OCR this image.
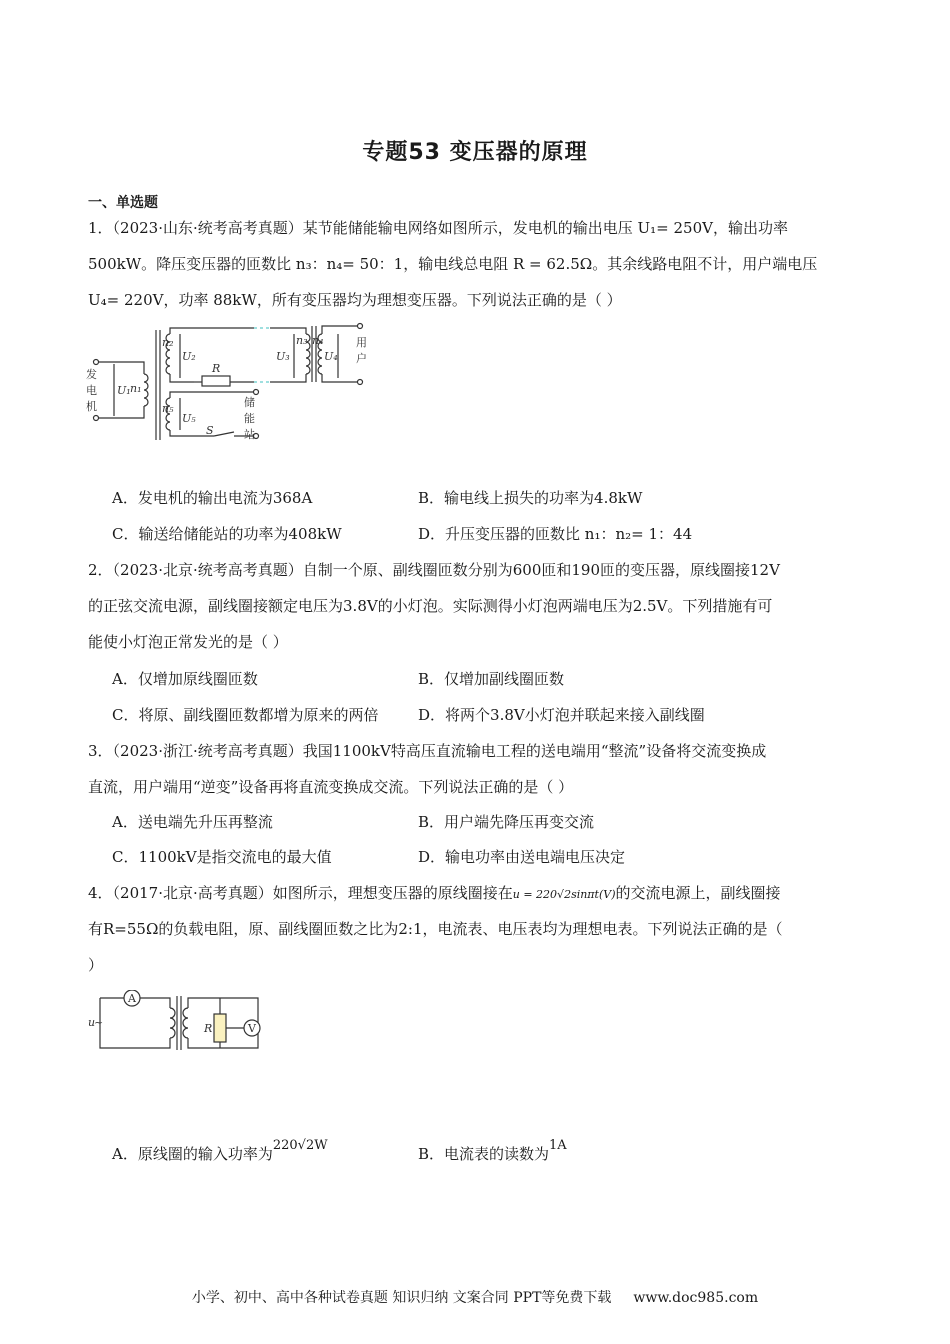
专题53 变压器的原理
一、单选题
1．（2023·山东·统考高考真题）某节能储能输电网络如图所示，发电机的输出电压 U₁= 250V，输出功率
500kW。降压变压器的匝数比 n₃：n₄= 50：1，输电线总电阻 R = 62.5Ω。其余线路电阻不计，用户端电压
U₄= 220V，功率 88kW，所有变压器均为理想变压器。下列说法正确的是（ ）
发
电
机
U₁ n₁
n₂
U₂
R
U₃
n₃ n₄
U₄
用
户
n₅
U₅
S
储
能
站
A．发电机的输出电流为368A	B．输电线上损失的功率为4.8kW
C．输送给储能站的功率为408kW	D．升压变压器的匝数比 n₁：n₂= 1：44
2．（2023·北京·统考高考真题）自制一个原、副线圈匝数分别为600匝和190匝的变压器，原线圈接12V
的正弦交流电源，副线圈接额定电压为3.8V的小灯泡。实际测得小灯泡两端电压为2.5V。下列措施有可
能使小灯泡正常发光的是（ ）
A．仅增加原线圈匝数	B．仅增加副线圈匝数
C．将原、副线圈匝数都增为原来的两倍	D．将两个3.8V小灯泡并联起来接入副线圈
3．（2023·浙江·统考高考真题）我国1100kV特高压直流输电工程的送电端用“整流”设备将交流变换成
直流，用户端用“逆变”设备再将直流变换成交流。下列说法正确的是（ ）
A．送电端先升压再整流	B．用户端先降压再变交流
C．1100kV是指交流电的最大值	D．输电功率由送电端电压决定
4．（2017·北京·高考真题）如图所示，理想变压器的原线圈接在u = 220√2sinπt(V)的交流电源上，副线圈接
有R=55Ω的负载电阻，原、副线圈匝数之比为2:1，电流表、电压表均为理想电表。下列说法正确的是（
）
A
V
R
u
~
A．原线圈的输入功率为220√2W	B．电流表的读数为1A
小学、初中、高中各种试卷真题 知识归纳 文案合同 PPT等免费下载 www.doc985.com
